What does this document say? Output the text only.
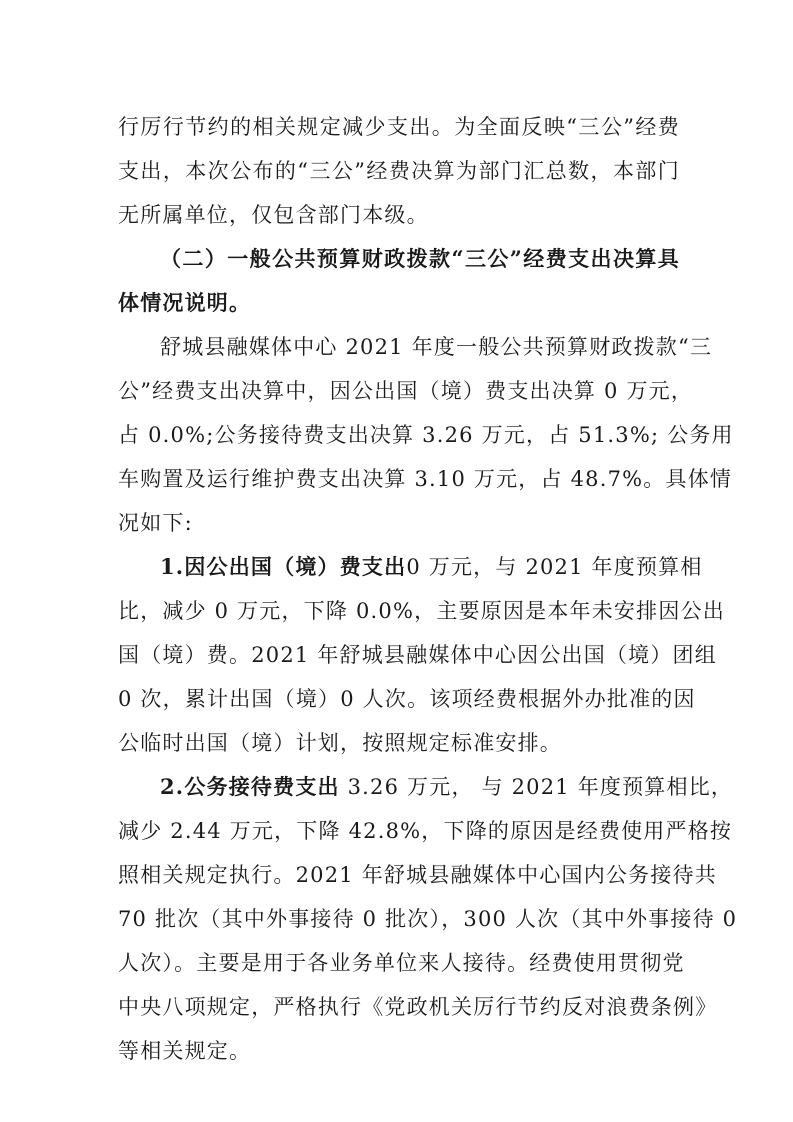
行厉行节约的相关规定减少支出。为全面反映“三公”经费
支出，本次公布的“三公”经费决算为部门汇总数，本部门
无所属单位，仅包含部门本级。
（二）一般公共预算财政拨款“三公”经费支出决算具
体情况说明。
舒城县融媒体中心 2021 年度一般公共预算财政拨款“三
公”经费支出决算中，因公出国（境）费支出决算 0 万元，
占 0.0%;公务接待费支出决算 3.26 万元，占 51.3%; 公务用
车购置及运行维护费支出决算 3.10 万元，占 48.7%。具体情
况如下:
1.因公出国（境）费支出0 万元，与 2021 年度预算相
比，减少 0 万元，下降 0.0%，主要原因是本年未安排因公出
国（境）费。2021 年舒城县融媒体中心因公出国（境）团组
0 次，累计出国（境）0 人次。该项经费根据外办批准的因
公临时出国（境）计划，按照规定标准安排。
2.公务接待费支出 3.26 万元， 与 2021 年度预算相比，
减少 2.44 万元，下降 42.8%，下降的原因是经费使用严格按
照相关规定执行。2021 年舒城县融媒体中心国内公务接待共
70 批次（其中外事接待 0 批次），300 人次（其中外事接待 0
人次）。主要是用于各业务单位来人接待。经费使用贯彻党
中央八项规定，严格执行《党政机关厉行节约反对浪费条例》
等相关规定。
